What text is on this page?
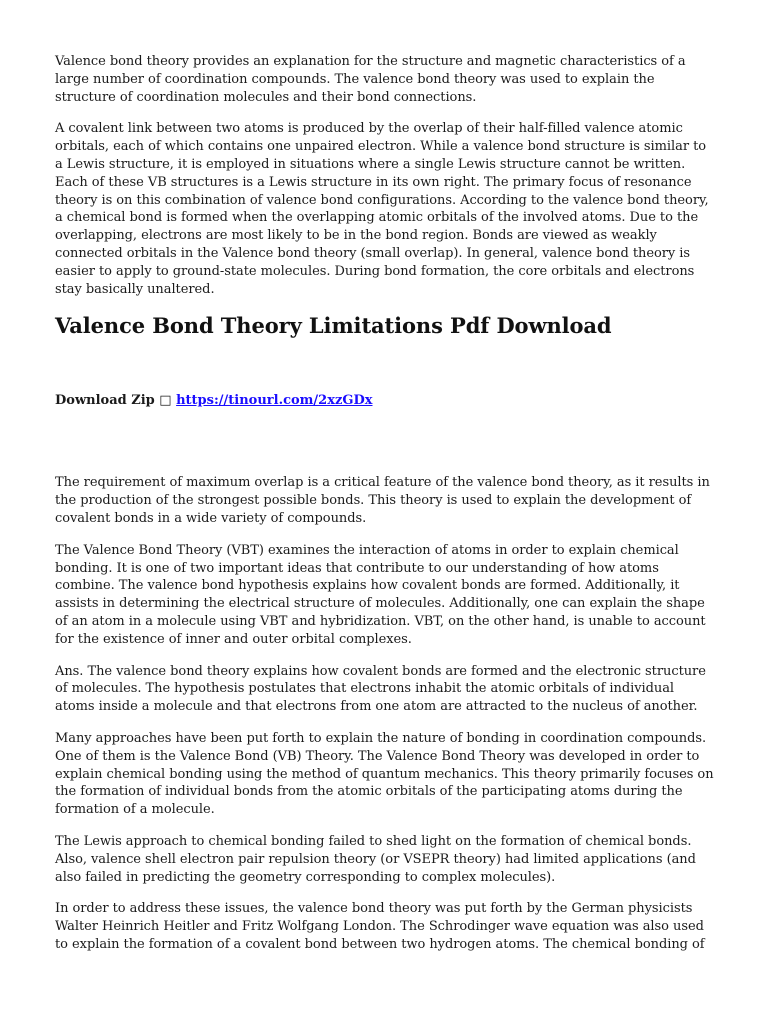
Valence bond theory provides an explanation for the structure and magnetic characteristics of a large number of coordination compounds. The valence bond theory was used to explain the structure of coordination molecules and their bond connections.

A covalent link between two atoms is produced by the overlap of their half-filled valence atomic orbitals, each of which contains one unpaired electron. While a valence bond structure is similar to a Lewis structure, it is employed in situations where a single Lewis structure cannot be written. Each of these VB structures is a Lewis structure in its own right. The primary focus of resonance theory is on this combination of valence bond configurations. According to the valence bond theory, a chemical bond is formed when the overlapping atomic orbitals of the involved atoms. Due to the overlapping, electrons are most likely to be in the bond region. Bonds are viewed as weakly connected orbitals in the Valence bond theory (small overlap). In general, valence bond theory is easier to apply to ground-state molecules. During bond formation, the core orbitals and electrons stay basically unaltered.

Valence Bond Theory Limitations Pdf Download
Download Zip □ https://tinourl.com/2xzGDx

The requirement of maximum overlap is a critical feature of the valence bond theory, as it results in the production of the strongest possible bonds. This theory is used to explain the development of covalent bonds in a wide variety of compounds.

The Valence Bond Theory (VBT) examines the interaction of atoms in order to explain chemical bonding. It is one of two important ideas that contribute to our understanding of how atoms combine. The valence bond hypothesis explains how covalent bonds are formed. Additionally, it assists in determining the electrical structure of molecules. Additionally, one can explain the shape of an atom in a molecule using VBT and hybridization. VBT, on the other hand, is unable to account for the existence of inner and outer orbital complexes.

Ans. The valence bond theory explains how covalent bonds are formed and the electronic structure of molecules. The hypothesis postulates that electrons inhabit the atomic orbitals of individual atoms inside a molecule and that electrons from one atom are attracted to the nucleus of another.

Many approaches have been put forth to explain the nature of bonding in coordination compounds. One of them is the Valence Bond (VB) Theory. The Valence Bond Theory was developed in order to explain chemical bonding using the method of quantum mechanics. This theory primarily focuses on the formation of individual bonds from the atomic orbitals of the participating atoms during the formation of a molecule.

The Lewis approach to chemical bonding failed to shed light on the formation of chemical bonds. Also, valence shell electron pair repulsion theory (or VSEPR theory) had limited applications (and also failed in predicting the geometry corresponding to complex molecules).

In order to address these issues, the valence bond theory was put forth by the German physicists Walter Heinrich Heitler and Fritz Wolfgang London. The Schrodinger wave equation was also used to explain the formation of a covalent bond between two hydrogen atoms. The chemical bonding of
